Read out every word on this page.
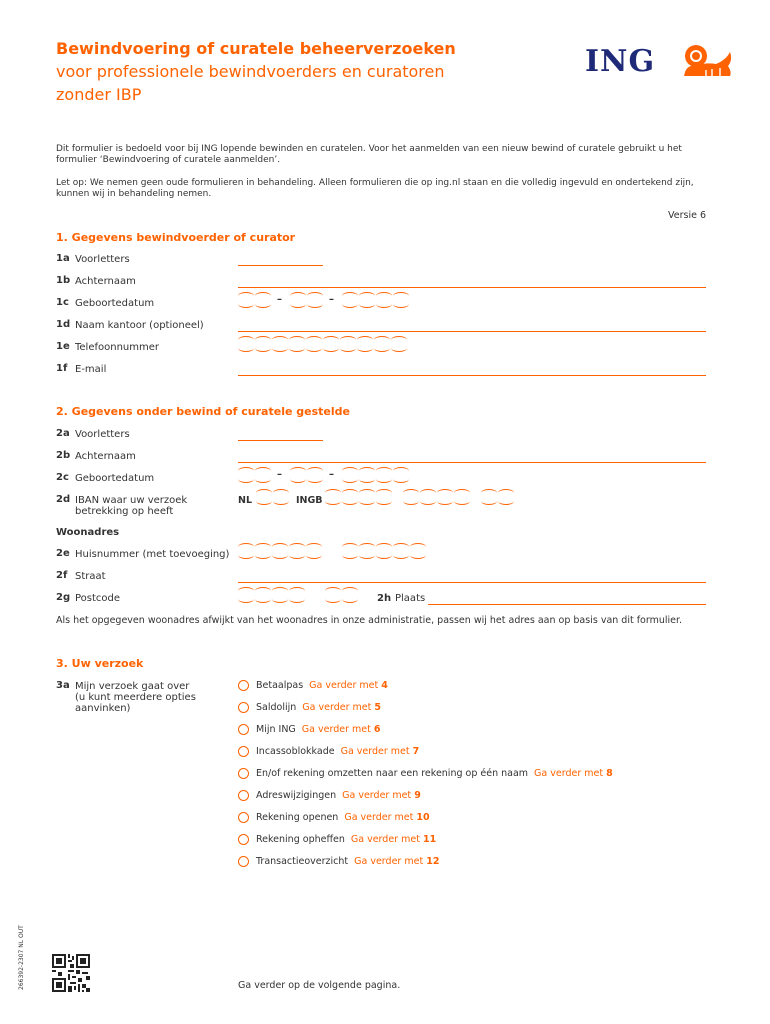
Bewindvoering of curatele beheerverzoeken
voor professionele bewindvoerders en curatoren
zonder IBP
ING
Dit formulier is bedoeld voor bij ING lopende bewinden en curatelen. Voor het aanmelden van een nieuw bewind of curatele gebruikt u het formulier ‘Bewindvoering of curatele aanmelden’.
Let op: We nemen geen oude formulieren in behandeling. Alleen formulieren die op ing.nl staan en die volledig ingevuld en ondertekend zijn, kunnen wij in behandeling nemen.
Versie 6
1. Gegevens bewindvoerder of curator
1a Voorletters
1b Achternaam
1c Geboortedatum	–	–
1d Naam kantoor (optioneel)
1e Telefoonnummer
1f E-mail
2. Gegevens onder bewind of curatele gestelde
2a Voorletters
2b Achternaam
2c Geboortedatum	–	–
2d IBAN waar uw verzoek betrekking op heeft
NL	INGB
Woonadres
2e Huisnummer (met toevoeging)
2f Straat
2g Postcode	2h Plaats
Als het opgegeven woonadres afwijkt van het woonadres in onze administratie, passen wij het adres aan op basis van dit formulier.
3. Uw verzoek
3a Mijn verzoek gaat over
(u kunt meerdere opties
aanvinken)
Betaalpas Ga verder met 4
Saldolijn Ga verder met 5
Mijn ING Ga verder met 6
Incassoblokkade Ga verder met 7
En/of rekening omzetten naar een rekening op één naam Ga verder met 8
Adreswijzigingen Ga verder met 9
Rekening openen Ga verder met 10
Rekening opheffen Ga verder met 11
Transactieoverzicht Ga verder met 12
266392-2307 NL OUT	Ga verder op de volgende pagina.
